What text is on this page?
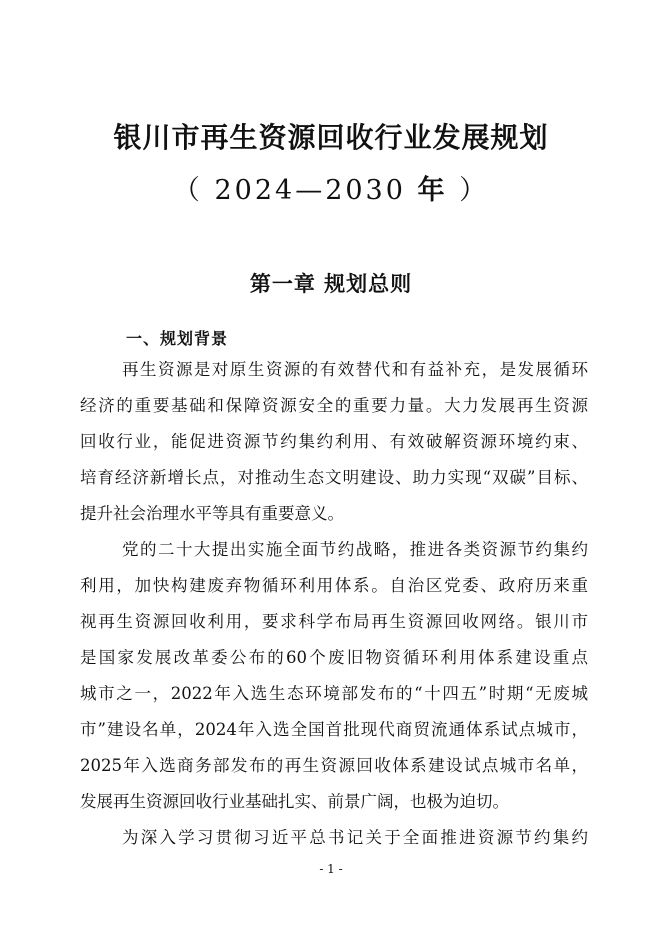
银川市再生资源回收行业发展规划
（ 2024—2030 年 ）
第一章 规划总则
一、规划背景
再生资源是对原生资源的有效替代和有益补充，是发展循环
经济的重要基础和保障资源安全的重要力量。大力发展再生资源
回收行业，能促进资源节约集约利用、有效破解资源环境约束、
培育经济新增长点，对推动生态文明建设、助力实现“双碳”目标、
提升社会治理水平等具有重要意义。
党的二十大提出实施全面节约战略，推进各类资源节约集约
利用，加快构建废弃物循环利用体系。自治区党委、政府历来重
视再生资源回收利用，要求科学布局再生资源回收网络。银川市
是国家发展改革委公布的60个废旧物资循环利用体系建设重点
城市之一，2022年入选生态环境部发布的“十四五”时期“无废城
市”建设名单，2024年入选全国首批现代商贸流通体系试点城市，
2025年入选商务部发布的再生资源回收体系建设试点城市名单，
发展再生资源回收行业基础扎实、前景广阔，也极为迫切。
为深入学习贯彻习近平总书记关于全面推进资源节约集约
- 1 -
